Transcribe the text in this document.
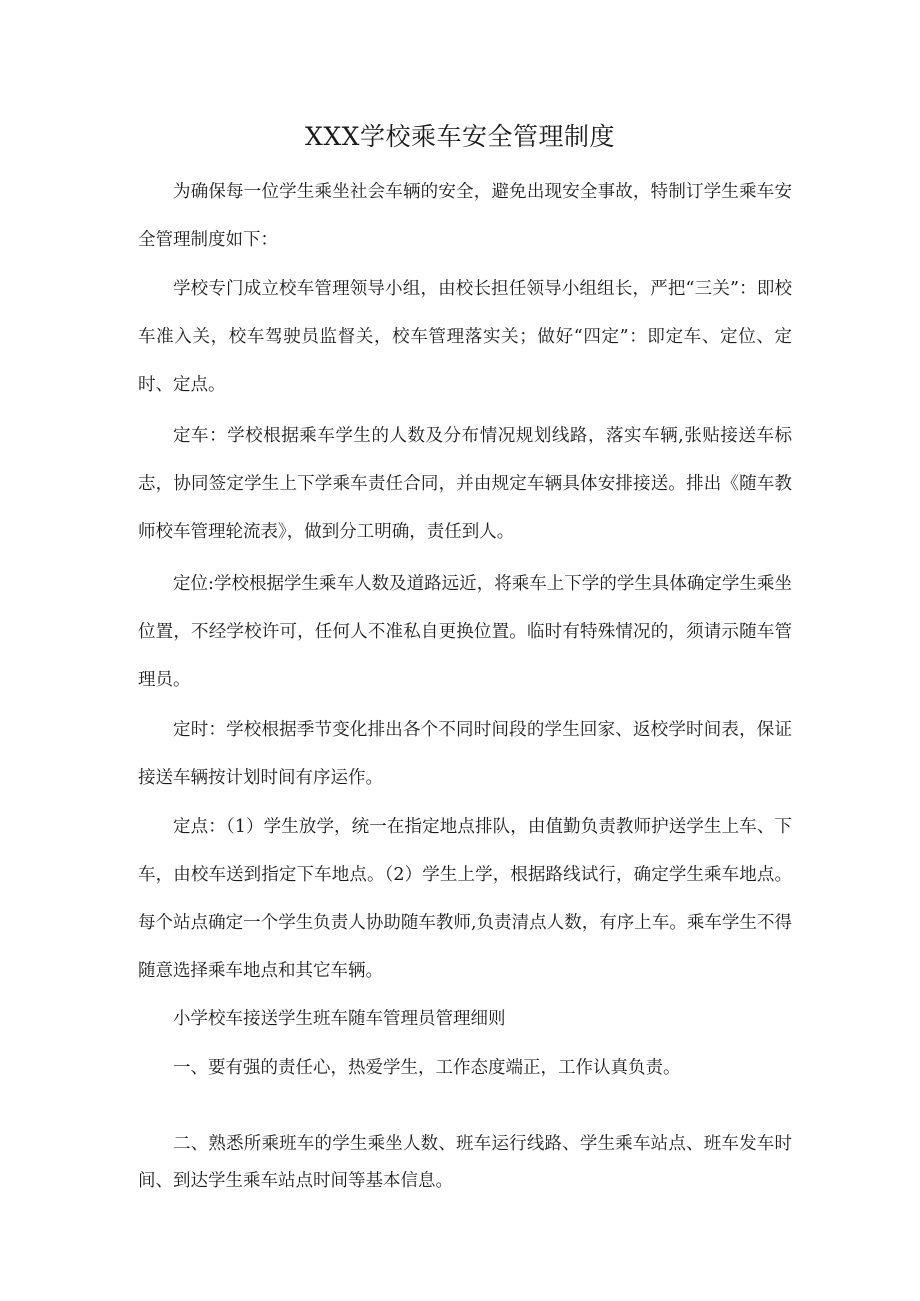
XXX学校乘车安全管理制度

为确保每一位学生乘坐社会车辆的安全，避免出现安全事故，特制订学生乘车安全管理制度如下：

学校专门成立校车管理领导小组，由校长担任领导小组组长，严把“三关”：即校车准入关，校车驾驶员监督关，校车管理落实关；做好“四定”：即定车、定位、定时、定点。

定车：学校根据乘车学生的人数及分布情况规划线路，落实车辆,张贴接送车标志，协同签定学生上下学乘车责任合同，并由规定车辆具体安排接送。排出《随车教师校车管理轮流表》，做到分工明确，责任到人。

定位:学校根据学生乘车人数及道路远近，将乘车上下学的学生具体确定学生乘坐位置，不经学校许可，任何人不准私自更换位置。临时有特殊情况的，须请示随车管理员。

定时：学校根据季节变化排出各个不同时间段的学生回家、返校学时间表，保证接送车辆按计划时间有序运作。

定点：（1）学生放学，统一在指定地点排队，由值勤负责教师护送学生上车、下车，由校车送到指定下车地点。（2）学生上学，根据路线试行，确定学生乘车地点。每个站点确定一个学生负责人协助随车教师,负责清点人数，有序上车。乘车学生不得随意选择乘车地点和其它车辆。

小学校车接送学生班车随车管理员管理细则

一、要有强的责任心，热爱学生，工作态度端正，工作认真负责。

二、熟悉所乘班车的学生乘坐人数、班车运行线路、学生乘车站点、班车发车时间、到达学生乘车站点时间等基本信息。
